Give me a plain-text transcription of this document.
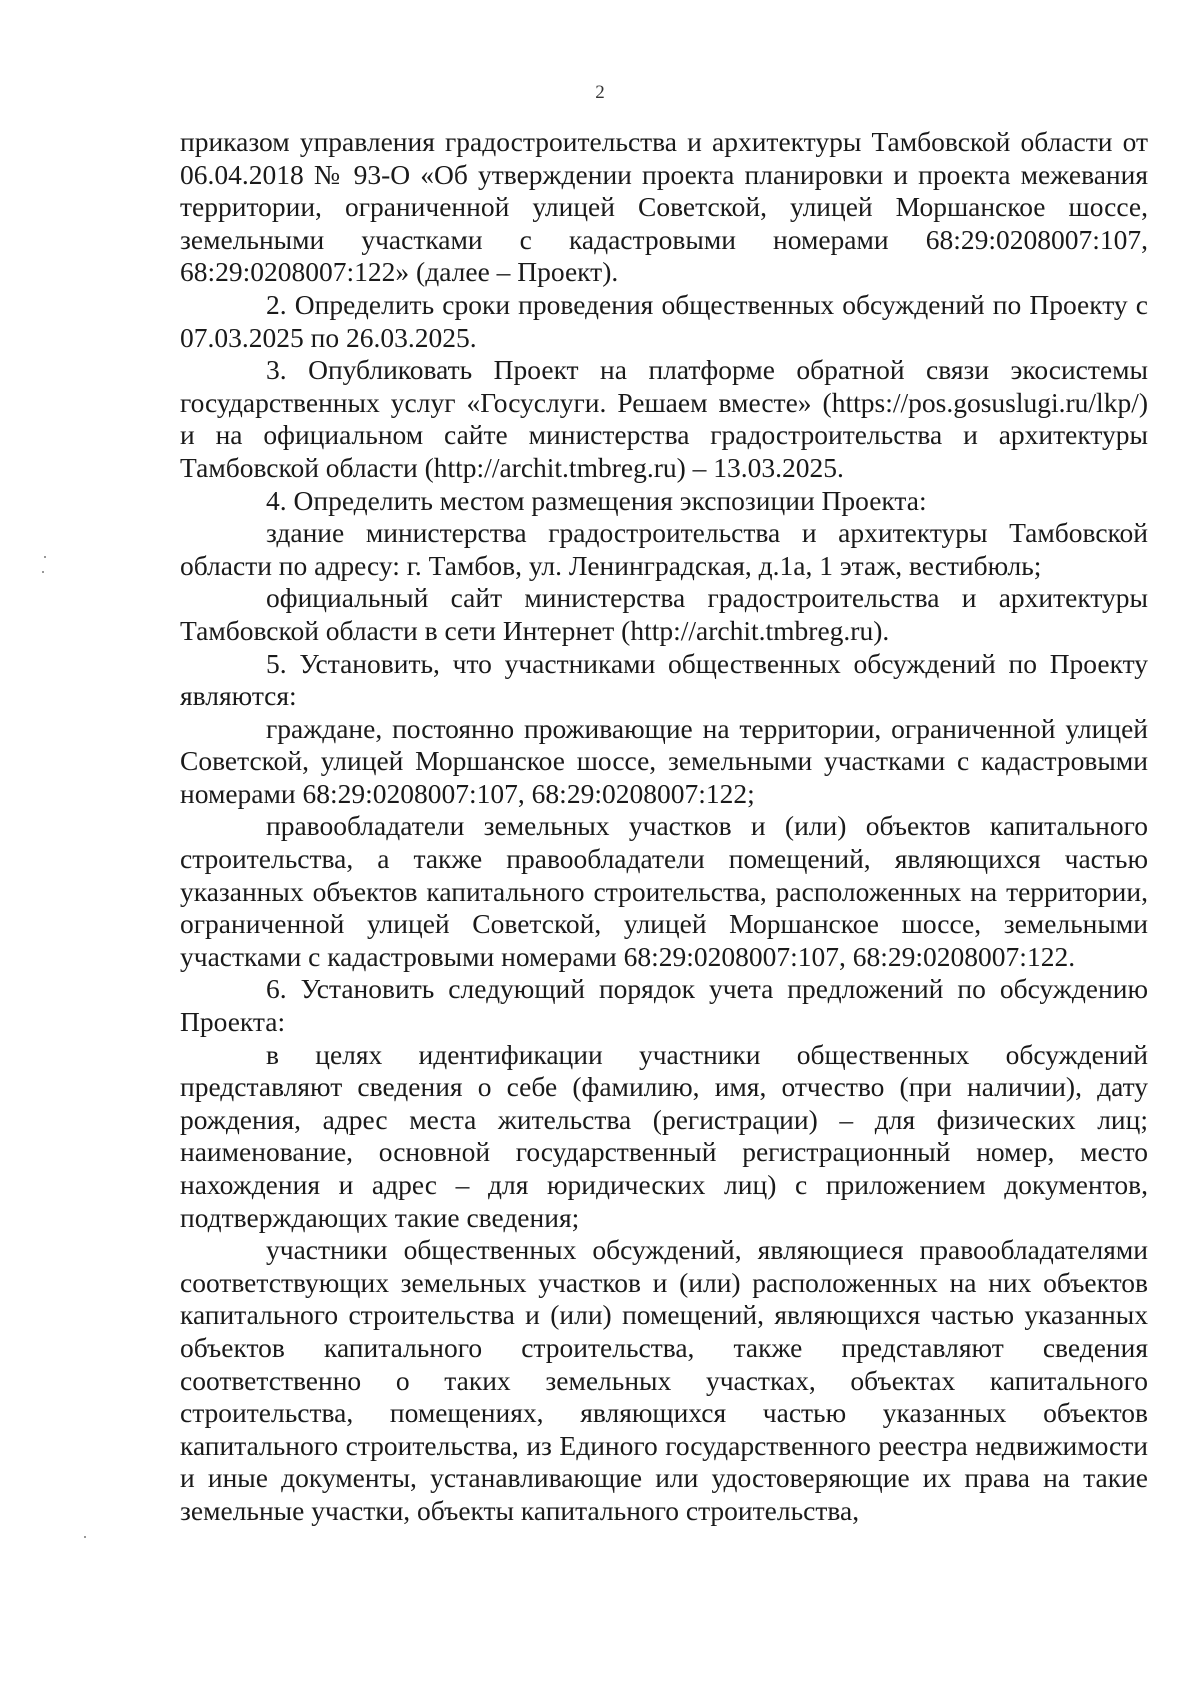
2

приказом управления градостроительства и архитектуры Тамбовской области от 06.04.2018 № 93-О «Об утверждении проекта планировки и проекта межевания территории, ограниченной улицей Советской, улицей Моршанское шоссе, земельными участками с кадастровыми номерами 68:29:0208007:107, 68:29:0208007:122» (далее – Проект).

2. Определить сроки проведения общественных обсуждений по Проекту с 07.03.2025 по 26.03.2025.

3. Опубликовать Проект на платформе обратной связи экосистемы государственных услуг «Госуслуги. Решаем вместе» (https://pos.gosuslugi.ru/lkp/) и на официальном сайте министерства градостроительства и архитектуры Тамбовской области (http://archit.tmbreg.ru) – 13.03.2025.

4. Определить местом размещения экспозиции Проекта:

здание министерства градостроительства и архитектуры Тамбовской области по адресу: г. Тамбов, ул. Ленинградская, д.1а, 1 этаж, вестибюль;

официальный сайт министерства градостроительства и архитектуры Тамбовской области в сети Интернет (http://archit.tmbreg.ru).

5. Установить, что участниками общественных обсуждений по Проекту являются:

граждане, постоянно проживающие на территории, ограниченной улицей Советской, улицей Моршанское шоссе, земельными участками с кадастровыми номерами 68:29:0208007:107, 68:29:0208007:122;

правообладатели земельных участков и (или) объектов капитального строительства, а также правообладатели помещений, являющихся частью указанных объектов капитального строительства, расположенных на территории, ограниченной улицей Советской, улицей Моршанское шоссе, земельными участками с кадастровыми номерами 68:29:0208007:107, 68:29:0208007:122.

6. Установить следующий порядок учета предложений по обсуждению Проекта:

в целях идентификации участники общественных обсуждений представляют сведения о себе (фамилию, имя, отчество (при наличии), дату рождения, адрес места жительства (регистрации) – для физических лиц; наименование, основной государственный регистрационный номер, место нахождения и адрес – для юридических лиц) с приложением документов, подтверждающих такие сведения;

участники общественных обсуждений, являющиеся правообладателями соответствующих земельных участков и (или) расположенных на них объектов капитального строительства и (или) помещений, являющихся частью указанных объектов капитального строительства, также представляют сведения соответственно о таких земельных участках, объектах капитального строительства, помещениях, являющихся частью указанных объектов капитального строительства, из Единого государственного реестра недвижимости и иные документы, устанавливающие или удостоверяющие их права на такие земельные участки, объекты капитального строительства,
